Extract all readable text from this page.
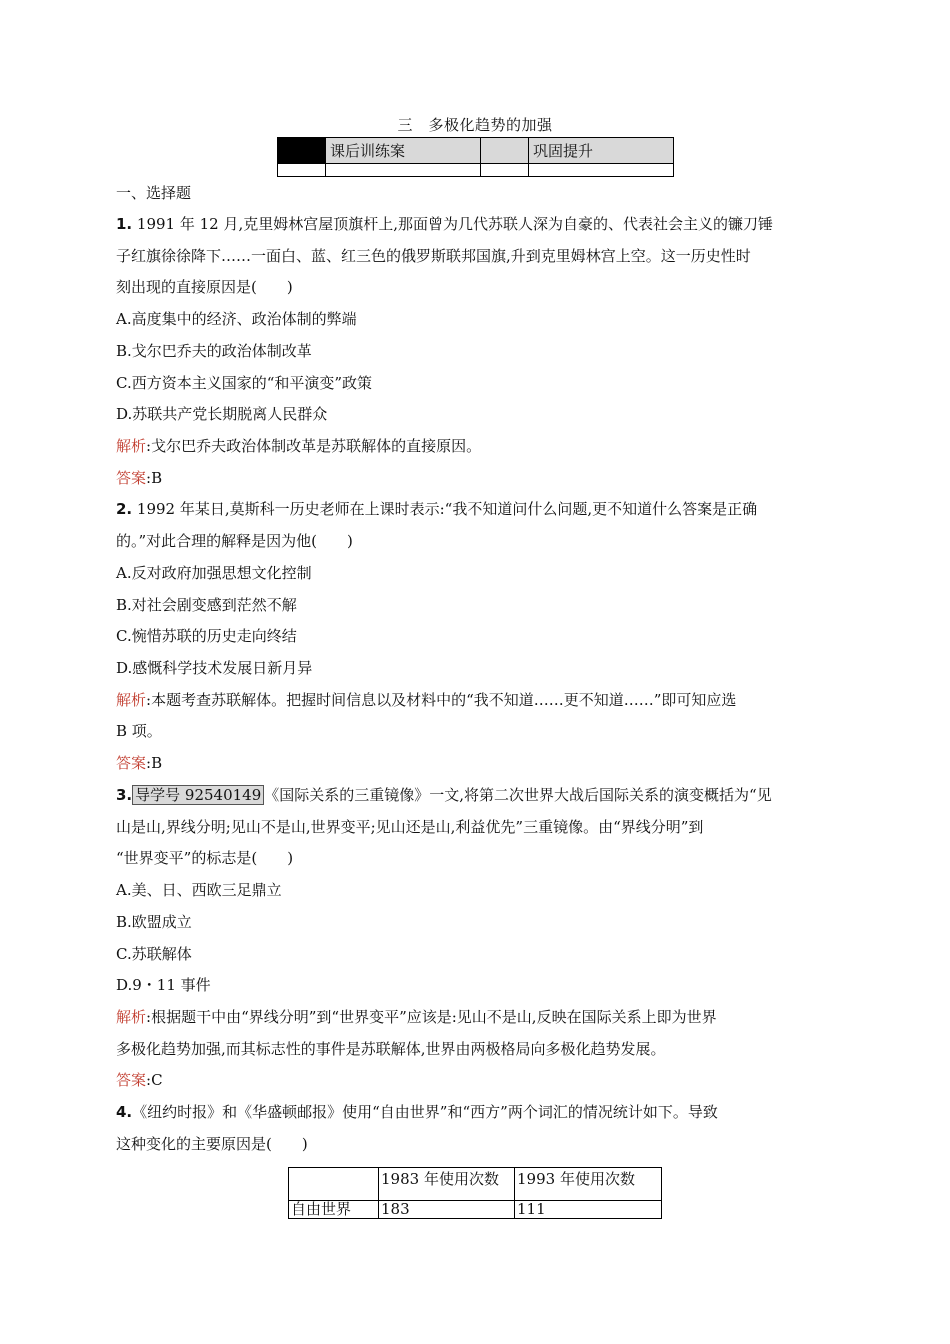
三　多极化趋势的加强
	课后训练案		巩固提升

一、选择题
1. 1991 年 12 月,克里姆林宫屋顶旗杆上,那面曾为几代苏联人深为自豪的、代表社会主义的镰刀锤
子红旗徐徐降下……一面白、蓝、红三色的俄罗斯联邦国旗,升到克里姆林宫上空。这一历史性时
刻出现的直接原因是(　　)
A.高度集中的经济、政治体制的弊端
B.戈尔巴乔夫的政治体制改革
C.西方资本主义国家的“和平演变”政策
D.苏联共产党长期脱离人民群众
解析:戈尔巴乔夫政治体制改革是苏联解体的直接原因。
答案:B
2. 1992 年某日,莫斯科一历史老师在上课时表示:“我不知道问什么问题,更不知道什么答案是正确
的。”对此合理的解释是因为他(　　)
A.反对政府加强思想文化控制
B.对社会剧变感到茫然不解
C.惋惜苏联的历史走向终结
D.感慨科学技术发展日新月异
解析:本题考查苏联解体。把握时间信息以及材料中的“我不知道……更不知道……”即可知应选
B 项。
答案:B
3. 导学号 92540149 《国际关系的三重镜像》一文,将第二次世界大战后国际关系的演变概括为“见
山是山,界线分明;见山不是山,世界变平;见山还是山,利益优先”三重镜像。由“界线分明”到
“世界变平”的标志是(　　)
A.美、日、西欧三足鼎立
B.欧盟成立
C.苏联解体
D.9・11 事件
解析:根据题干中由“界线分明”到“世界变平”应该是:见山不是山,反映在国际关系上即为世界
多极化趋势加强,而其标志性的事件是苏联解体,世界由两极格局向多极化趋势发展。
答案:C
4.《纽约时报》和《华盛顿邮报》使用“自由世界”和“西方”两个词汇的情况统计如下。导致
这种变化的主要原因是(　　)
	1983 年使用次数	1993 年使用次数
自由世界	183	111
